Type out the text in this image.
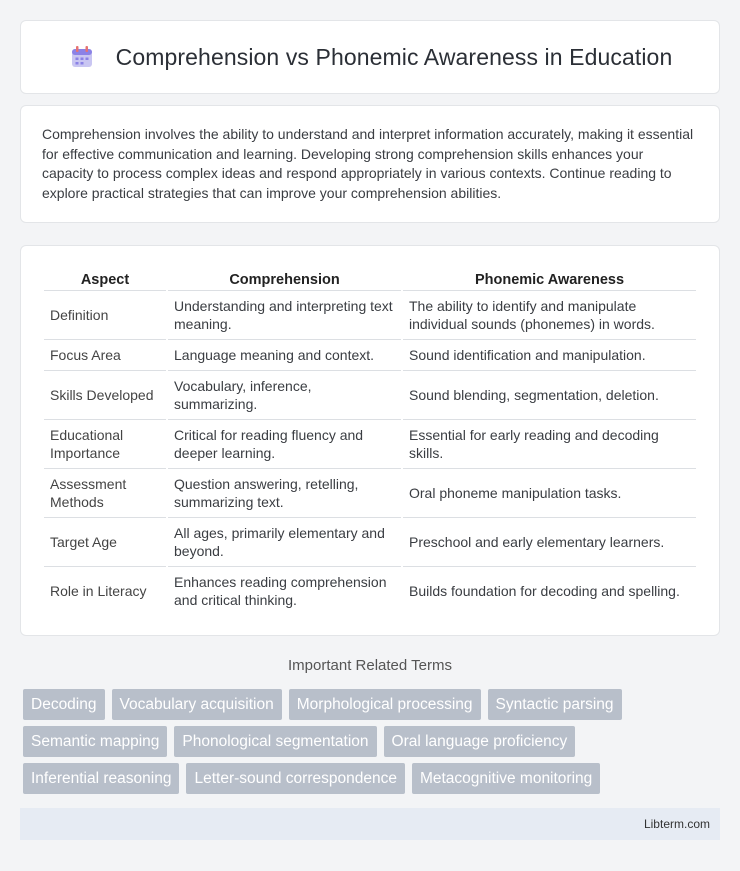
Comprehension vs Phonemic Awareness in Education

Comprehension involves the ability to understand and interpret information accurately, making it essential for effective communication and learning. Developing strong comprehension skills enhances your capacity to process complex ideas and respond appropriately in various contexts. Continue reading to explore practical strategies that can improve your comprehension abilities.

Aspect	Comprehension	Phonemic Awareness
Definition	Understanding and interpreting text meaning.	The ability to identify and manipulate individual sounds (phonemes) in words.
Focus Area	Language meaning and context.	Sound identification and manipulation.
Skills Developed	Vocabulary, inference, summarizing.	Sound blending, segmentation, deletion.
Educational Importance	Critical for reading fluency and deeper learning.	Essential for early reading and decoding skills.
Assessment Methods	Question answering, retelling, summarizing text.	Oral phoneme manipulation tasks.
Target Age	All ages, primarily elementary and beyond.	Preschool and early elementary learners.
Role in Literacy	Enhances reading comprehension and critical thinking.	Builds foundation for decoding and spelling.
Important Related Terms
Decoding	Vocabulary acquisition	Morphological processing	Syntactic parsing
Semantic mapping	Phonological segmentation	Oral language proficiency
Inferential reasoning	Letter-sound correspondence	Metacognitive monitoring
Libterm.com
